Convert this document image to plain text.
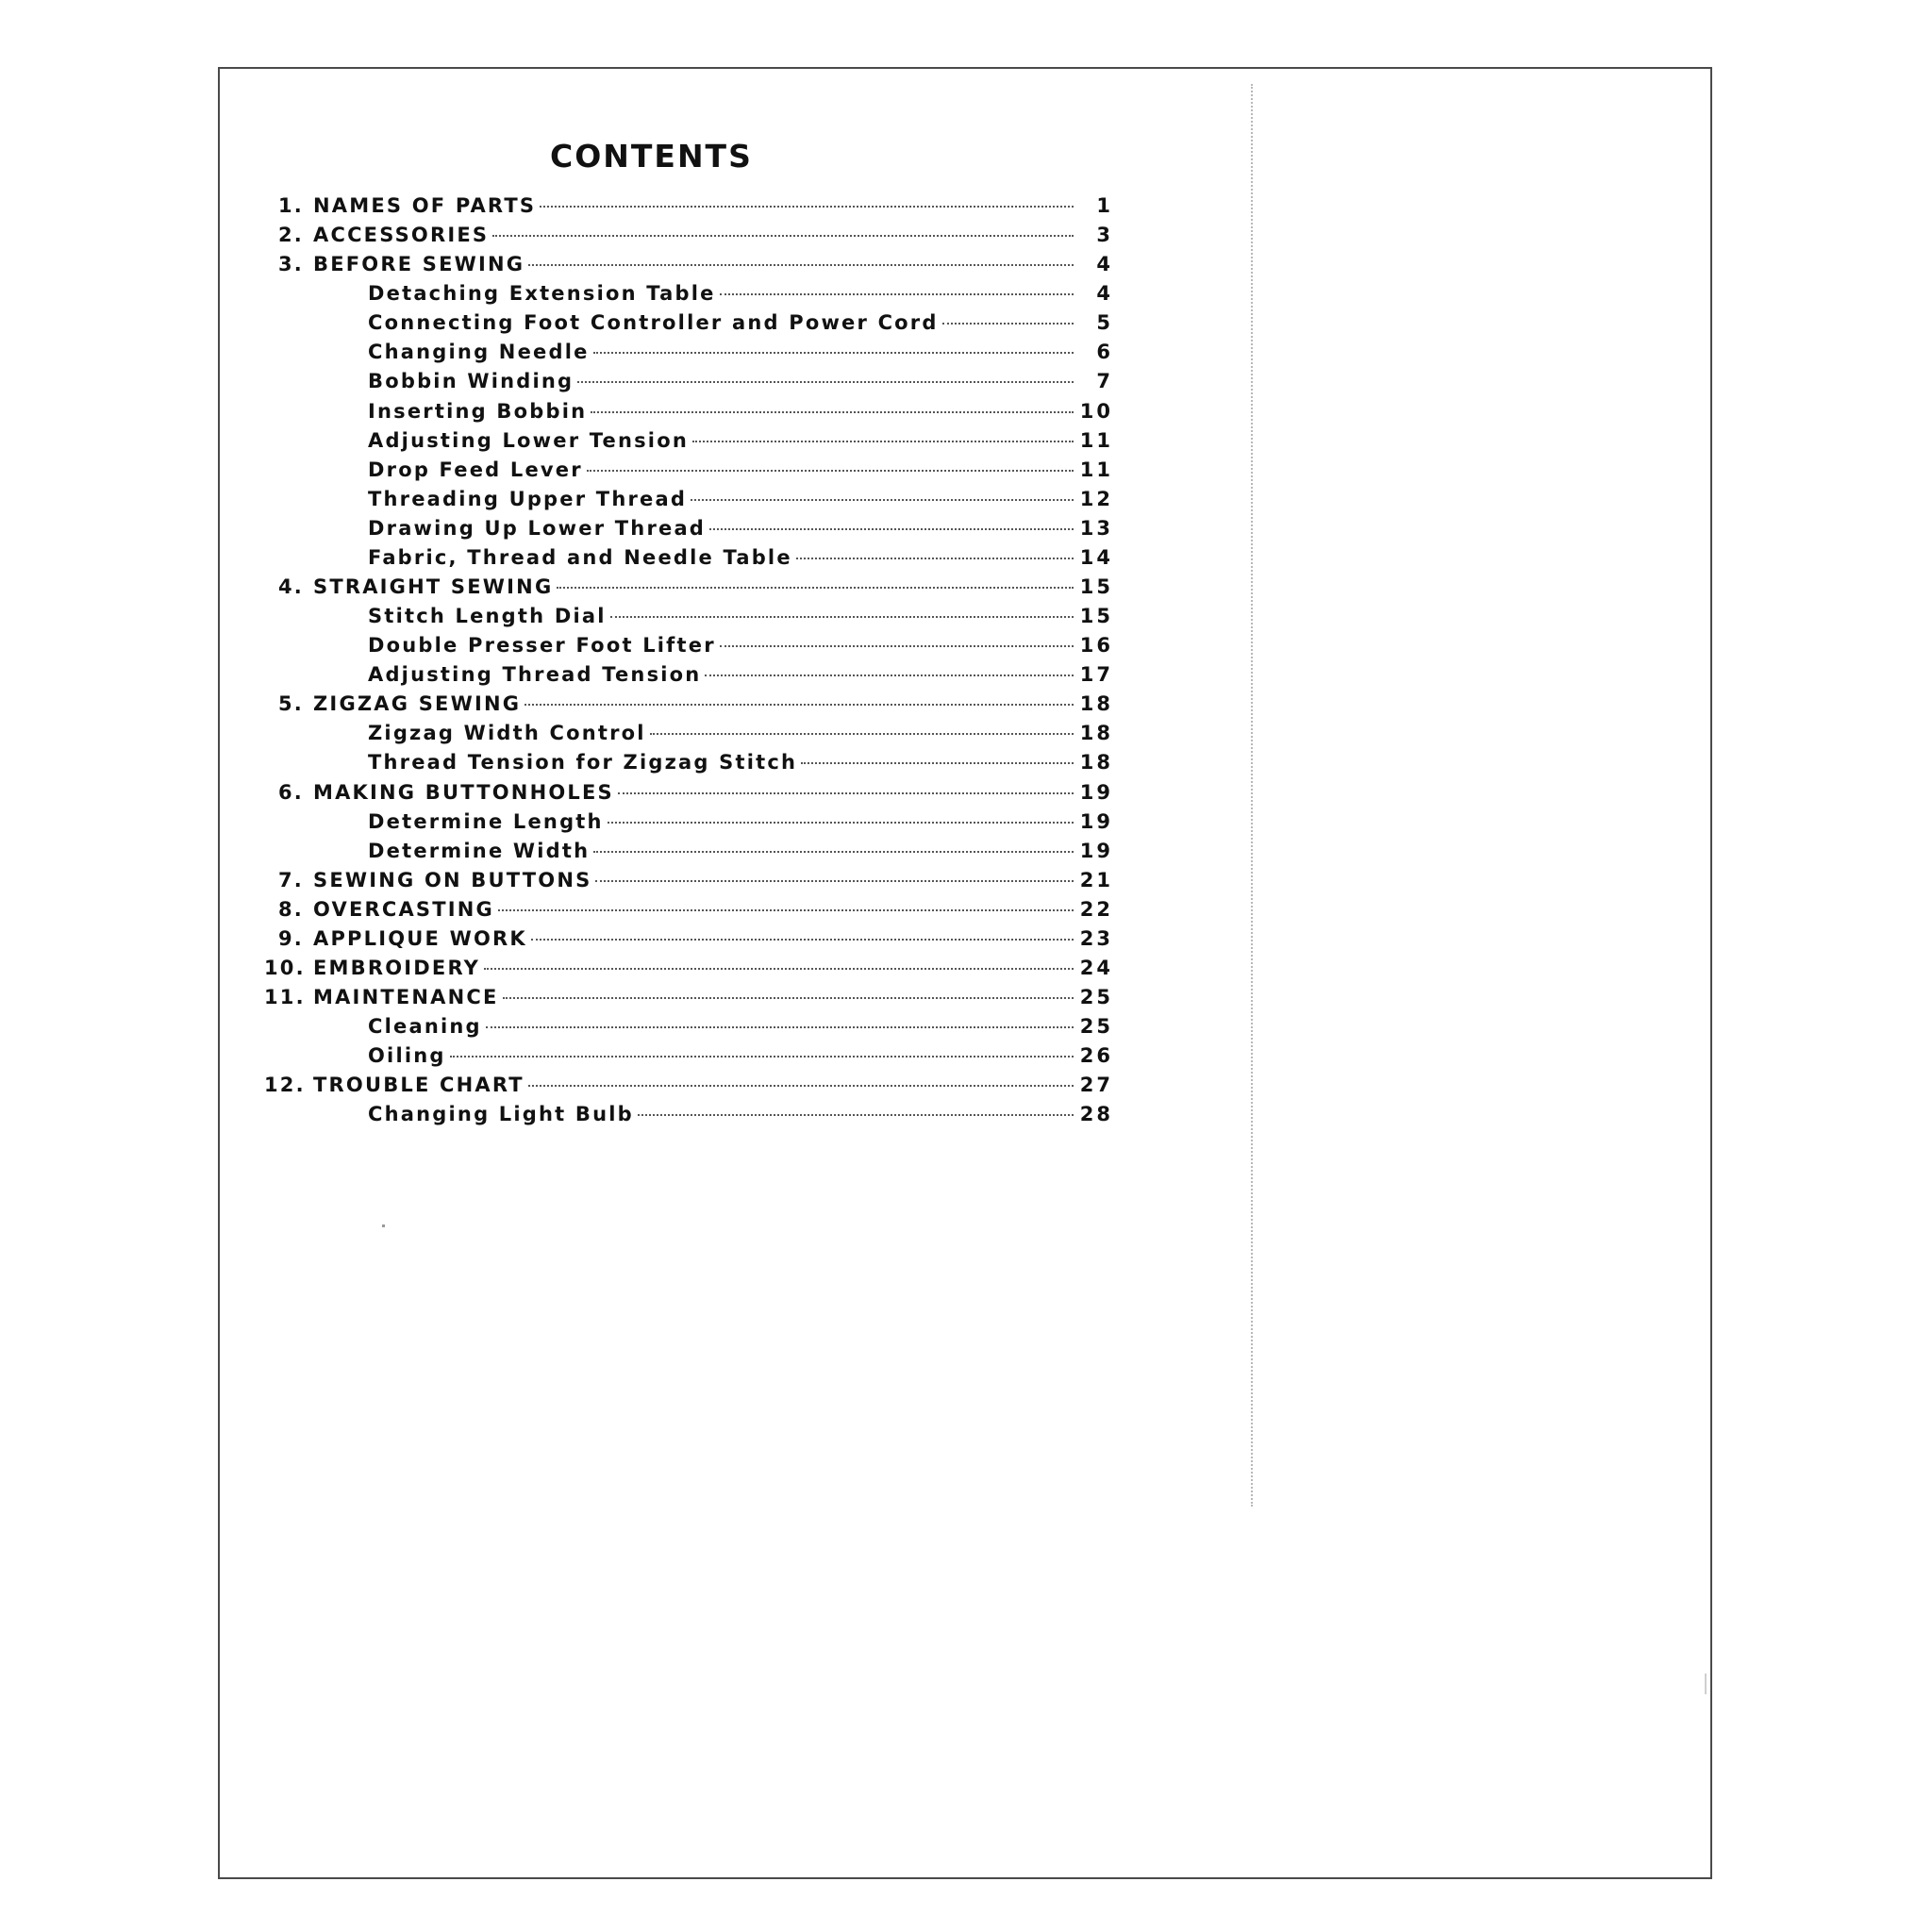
CONTENTS
1. NAMES OF PARTS	1
2. ACCESSORIES	3
3. BEFORE SEWING	4
Detaching Extension Table	4
Connecting Foot Controller and Power Cord	5
Changing Needle	6
Bobbin Winding	7
Inserting Bobbin	10
Adjusting Lower Tension	11
Drop Feed Lever	11
Threading Upper Thread	12
Drawing Up Lower Thread	13
Fabric, Thread and Needle Table	14
4. STRAIGHT SEWING	15
Stitch Length Dial	15
Double Presser Foot Lifter	16
Adjusting Thread Tension	17
5. ZIGZAG SEWING	18
Zigzag Width Control	18
Thread Tension for Zigzag Stitch	18
6. MAKING BUTTONHOLES	19
Determine Length	19
Determine Width	19
7. SEWING ON BUTTONS	21
8. OVERCASTING	22
9. APPLIQUE WORK	23
10. EMBROIDERY	24
11. MAINTENANCE	25
Cleaning	25
Oiling	26
12. TROUBLE CHART	27
Changing Light Bulb	28
